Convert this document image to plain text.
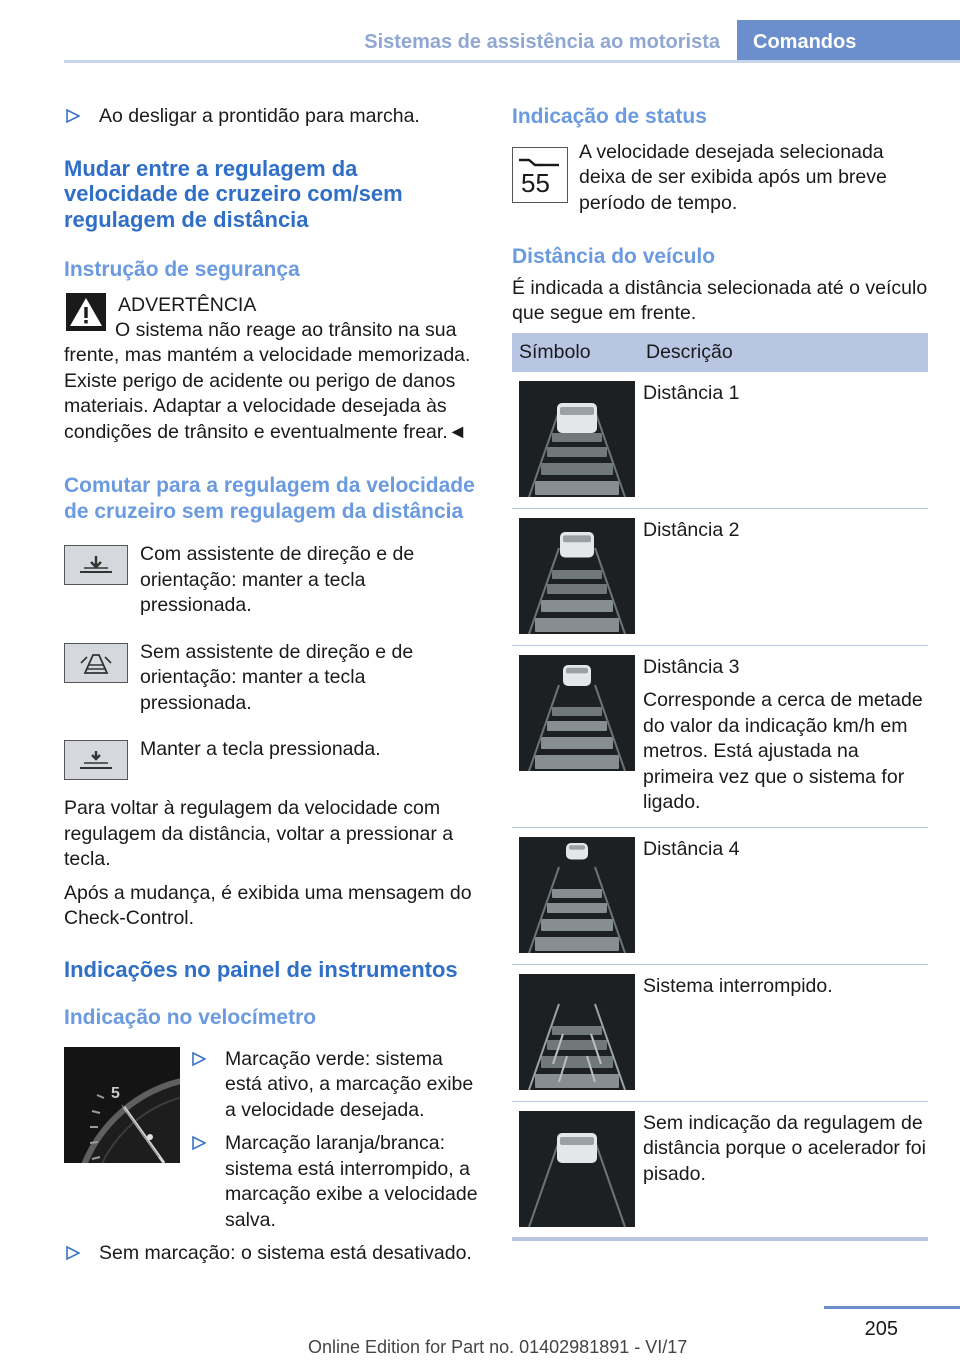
Sistemas de assistência ao motorista	Comandos
Ao desligar a prontidão para marcha.
Mudar entre a regulagem da velocidade de cruzeiro com/sem regulagem de distância
Instrução de segurança
ADVERTÊNCIA
O sistema não reage ao trânsito na sua frente, mas mantém a velocidade memorizada. Existe perigo de acidente ou perigo de danos materiais. Adaptar a velocidade desejada às condições de trânsito e eventualmente frear.◄
Comutar para a regulagem da velocidade de cruzeiro sem regulagem da distância
Com assistente de direção e de orientação: manter a tecla pressionada.
Sem assistente de direção e de orientação: manter a tecla pressionada.
Manter a tecla pressionada.
Para voltar à regulagem da velocidade com regulagem da distância, voltar a pressionar a tecla.
Após a mudança, é exibida uma mensagem do Check-Control.
Indicações no painel de instrumentos
Indicação no velocímetro
5
Marcação verde: sistema está ativo, a marcação exibe a velocidade desejada.
Marcação laranja/branca: sistema está interrompido, a marcação exibe a velocidade salva.
Sem marcação: o sistema está desativado.
Indicação de status
55
A velocidade desejada selecionada deixa de ser exibida após um breve período de tempo.
Distância do veículo
É indicada a distância selecionada até o veículo que segue em frente.
Símbolo	Descrição

Distância 1

Distância 2

Distância 3
Corresponde a cerca de metade do valor da indicação km/h em metros. Está ajustada na primeira vez que o sistema for ligado.

Distância 4

Sistema interrompido.

Sem indicação da regulagem de distância porque o acelerador foi pisado.
205
Online Edition for Part no. 01402981891 - VI/17
